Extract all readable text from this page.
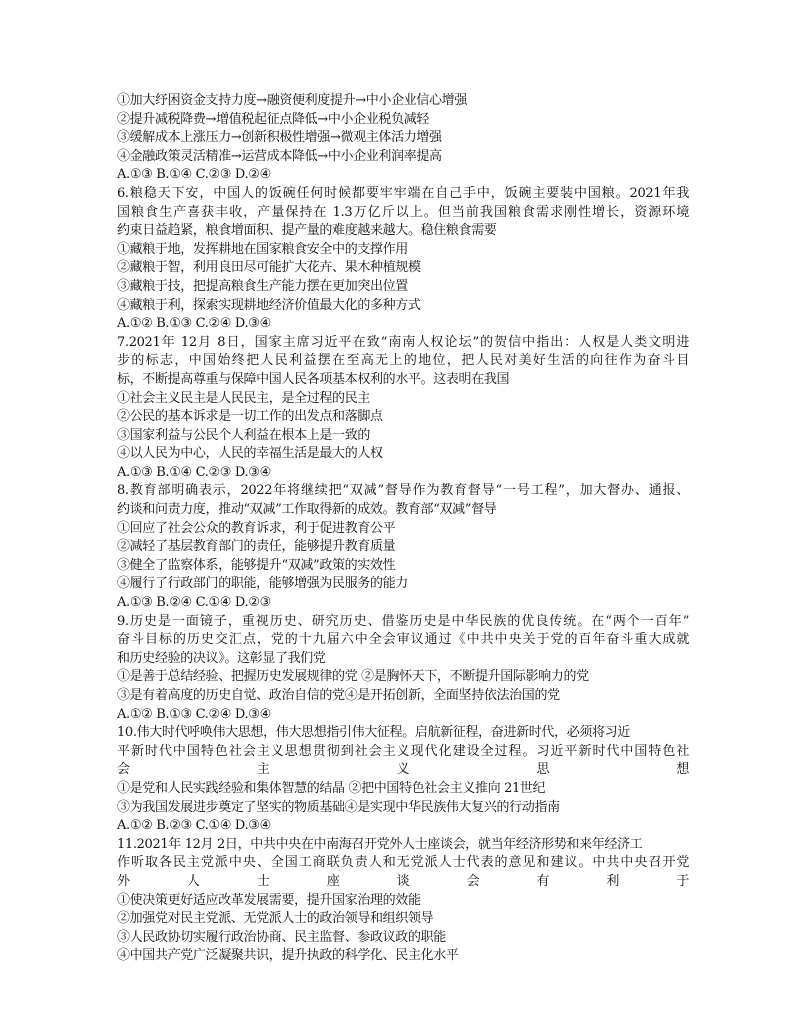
①加大纾困资金支持力度→融资便利度提升→中小企业信心增强
②提升减税降费→增值税起征点降低→中小企业税负减轻
③缓解成本上涨压力→创新积极性增强→微观主体活力增强
④金融政策灵活精准→运营成本降低→中小企业利润率提高
A.①③ B.①④ C.②③ D.②④
6.粮稳天下安，中国人的饭碗任何时候都要牢牢端在自己手中，饭碗主要装中国粮。2021年我
国粮食生产喜获丰收，产量保持在 1.3万亿斤以上。但当前我国粮食需求刚性增长，资源环境
约束日益趋紧，粮食增面积、提产量的难度越来越大。稳住粮食需要
①藏粮于地，发挥耕地在国家粮食安全中的支撑作用
②藏粮于智，利用良田尽可能扩大花卉、果木种植规模
③藏粮于技，把提高粮食生产能力摆在更加突出位置
④藏粮于利，探索实现耕地经济价值最大化的多种方式
A.①② B.①③ C.②④ D.③④
7.2021年 12月 8日，国家主席习近平在致“南南人权论坛”的贺信中指出：人权是人类文明进
步的标志，中国始终把人民利益摆在至高无上的地位，把人民对美好生活的向往作为奋斗目
标，不断提高尊重与保障中国人民各项基本权利的水平。这表明在我国
①社会主义民主是人民民主，是全过程的民主
②公民的基本诉求是一切工作的出发点和落脚点
③国家利益与公民个人利益在根本上是一致的
④以人民为中心，人民的幸福生活是最大的人权
A.①③ B.①④ C.②③ D.③④
8.教育部明确表示，2022年将继续把“双减”督导作为教育督导“一号工程”，加大督办、通报、
约谈和问责力度，推动“双减”工作取得新的成效。教育部“双减”督导
①回应了社会公众的教育诉求，利于促进教育公平
②减轻了基层教育部门的责任，能够提升教育质量
③健全了监察体系，能够提升“双减”政策的实效性
④履行了行政部门的职能，能够增强为民服务的能力
A.①③ B.②④ C.①④ D.②③
9.历史是一面镜子，重视历史、研究历史、借鉴历史是中华民族的优良传统。在“两个一百年”
奋斗目标的历史交汇点，党的十九届六中全会审议通过《中共中央关于党的百年奋斗重大成就
和历史经验的决议》。这彰显了我们党
①是善于总结经验、把握历史发展规律的党 ②是胸怀天下，不断提升国际影响力的党
③是有着高度的历史自觉、政治自信的党④是开拓创新，全面坚持依法治国的党
A.①② B.①③ C.②④ D.③④
10.伟大时代呼唤伟大思想，伟大思想指引伟大征程。启航新征程，奋进新时代，必须将习近
平新时代中国特色社会主义思想贯彻到社会主义现代化建设全过程。习近平新时代中国特色社
会主义思想
①是党和人民实践经验和集体智慧的结晶 ②把中国特色社会主义推向 21世纪
③为我国发展进步奠定了坚实的物质基础④是实现中华民族伟大复兴的行动指南
A.①② B.②③ C.①④ D.③④
11.2021年 12月 2日，中共中央在中南海召开党外人士座谈会，就当年经济形势和来年经济工
作听取各民主党派中央、全国工商联负责人和无党派人士代表的意见和建议。中共中央召开党
外人士座谈会有利于
①使决策更好适应改革发展需要，提升国家治理的效能
②加强党对民主党派、无党派人士的政治领导和组织领导
③人民政协切实履行政治协商、民主监督、参政议政的职能
④中国共产党广泛凝聚共识，提升执政的科学化、民主化水平
